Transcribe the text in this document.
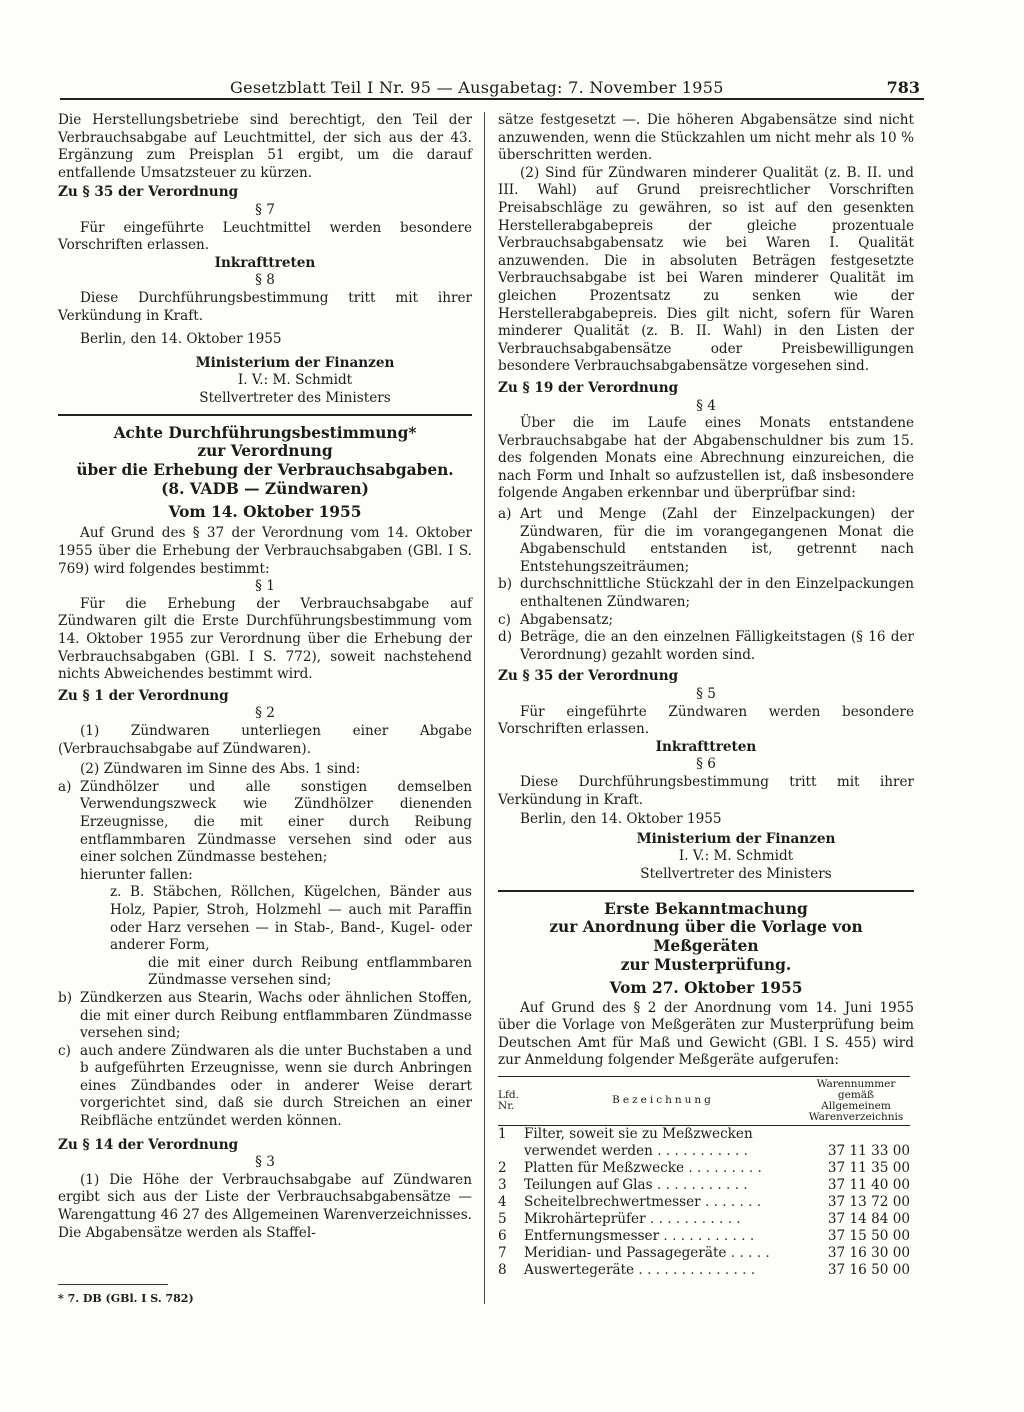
Gesetzblatt Teil I Nr. 95 — Ausgabetag: 7. November 1955	783

Die Herstellungsbetriebe sind berechtigt, den Teil der Verbrauchsabgabe auf Leuchtmittel, der sich aus der 43. Ergänzung zum Preisplan 51 ergibt, um die darauf entfallende Umsatzsteuer zu kürzen.

Zu § 35 der Verordnung

§ 7

Für eingeführte Leuchtmittel werden besondere Vorschriften erlassen.

Inkrafttreten

§ 8

Diese Durchführungsbestimmung tritt mit ihrer Verkündung in Kraft.

Berlin, den 14. Oktober 1955

Ministerium der Finanzen

I. V.: M. Schmidt

Stellvertreter des Ministers

Achte Durchführungsbestimmung*

zur Verordnung

über die Erhebung der Verbrauchsabgaben.

(8. VADB — Zündwaren)

Vom 14. Oktober 1955

Auf Grund des § 37 der Verordnung vom 14. Oktober 1955 über die Erhebung der Verbrauchsabgaben (GBl. I S. 769) wird folgendes bestimmt:

§ 1

Für die Erhebung der Verbrauchsabgabe auf Zündwaren gilt die Erste Durchführungsbestimmung vom 14. Oktober 1955 zur Verordnung über die Erhebung der Verbrauchsabgaben (GBl. I S. 772), soweit nachstehend nichts Abweichendes bestimmt wird.

Zu § 1 der Verordnung

§ 2

(1) Zündwaren unterliegen einer Abgabe (Verbrauchsabgabe auf Zündwaren).

(2) Zündwaren im Sinne des Abs. 1 sind:

a) Zündhölzer und alle sonstigen demselben Verwendungszweck wie Zündhölzer dienenden Erzeugnisse, die mit einer durch Reibung entflammbaren Zündmasse versehen sind oder aus einer solchen Zündmasse bestehen;

hierunter fallen:

z. B. Stäbchen, Röllchen, Kügelchen, Bänder aus Holz, Papier, Stroh, Holzmehl — auch mit Paraffin oder Harz versehen — in Stab-, Band-, Kugel- oder anderer Form,

die mit einer durch Reibung entflammbaren Zündmasse versehen sind;

b) Zündkerzen aus Stearin, Wachs oder ähnlichen Stoffen, die mit einer durch Reibung entflammbaren Zündmasse versehen sind;
c) auch andere Zündwaren als die unter Buchstaben a und b aufgeführten Erzeugnisse, wenn sie durch Anbringen eines Zündbandes oder in anderer Weise derart vorgerichtet sind, daß sie durch Streichen an einer Reibfläche entzündet werden können.

Zu § 14 der Verordnung

§ 3

(1) Die Höhe der Verbrauchsabgabe auf Zündwaren ergibt sich aus der Liste der Verbrauchsabgabensätze — Warengattung 46 27 des Allgemeinen Warenverzeichnisses. Die Abgabensätze werden als Staffel-

* 7. DB (GBl. I S. 782)

sätze festgesetzt —. Die höheren Abgabensätze sind nicht anzuwenden, wenn die Stückzahlen um nicht mehr als 10 % überschritten werden.

(2) Sind für Zündwaren minderer Qualität (z. B. II. und III. Wahl) auf Grund preisrechtlicher Vorschriften Preisabschläge zu gewähren, so ist auf den gesenkten Herstellerabgabepreis der gleiche prozentuale Verbrauchsabgabensatz wie bei Waren I. Qualität anzuwenden. Die in absoluten Beträgen festgesetzte Verbrauchsabgabe ist bei Waren minderer Qualität im gleichen Prozentsatz zu senken wie der Herstellerabgabepreis. Dies gilt nicht, sofern für Waren minderer Qualität (z. B. II. Wahl) in den Listen der Verbrauchsabgabensätze oder Preisbewilligungen besondere Verbrauchsabgabensätze vorgesehen sind.

Zu § 19 der Verordnung

§ 4

Über die im Laufe eines Monats entstandene Verbrauchsabgabe hat der Abgabenschuldner bis zum 15. des folgenden Monats eine Abrechnung einzureichen, die nach Form und Inhalt so aufzustellen ist, daß insbesondere folgende Angaben erkennbar und überprüfbar sind:

a) Art und Menge (Zahl der Einzelpackungen) der Zündwaren, für die im vorangegangenen Monat die Abgabenschuld entstanden ist, getrennt nach Entstehungszeiträumen;
b) durchschnittliche Stückzahl der in den Einzelpackungen enthaltenen Zündwaren;
c) Abgabensatz;
d) Beträge, die an den einzelnen Fälligkeitstagen (§ 16 der Verordnung) gezahlt worden sind.

Zu § 35 der Verordnung

§ 5

Für eingeführte Zündwaren werden besondere Vorschriften erlassen.

Inkrafttreten

§ 6

Diese Durchführungsbestimmung tritt mit ihrer Verkündung in Kraft.

Berlin, den 14. Oktober 1955

Ministerium der Finanzen

I. V.: M. Schmidt

Stellvertreter des Ministers

Erste Bekanntmachung

zur Anordnung über die Vorlage von Meßgeräten

zur Musterprüfung.

Vom 27. Oktober 1955

Auf Grund des § 2 der Anordnung vom 14. Juni 1955 über die Vorlage von Meßgeräten zur Musterprüfung beim Deutschen Amt für Maß und Gewicht (GBl. I S. 455) wird zur Anmeldung folgender Meßgeräte aufgerufen:

Lfd. Nr.	Bezeichnung	Warennummer gemäß Allgemeinem Warenverzeichnis
1	Filter, soweit sie zu Meßzwecken	
	verwendet werden . . . . . . . . . . .	37 11 33 00
2	Platten für Meßzwecke . . . . . . . . .	37 11 35 00
3	Teilungen auf Glas . . . . . . . . . . .	37 11 40 00
4	Scheitelbrechwertmesser . . . . . . .	37 13 72 00
5	Mikrohärteprüfer . . . . . . . . . . .	37 14 84 00
6	Entfernungsmesser . . . . . . . . . . .	37 15 50 00
7	Meridian- und Passagegeräte . . . . .	37 16 30 00
8	Auswertegeräte . . . . . . . . . . . . . .	37 16 50 00
